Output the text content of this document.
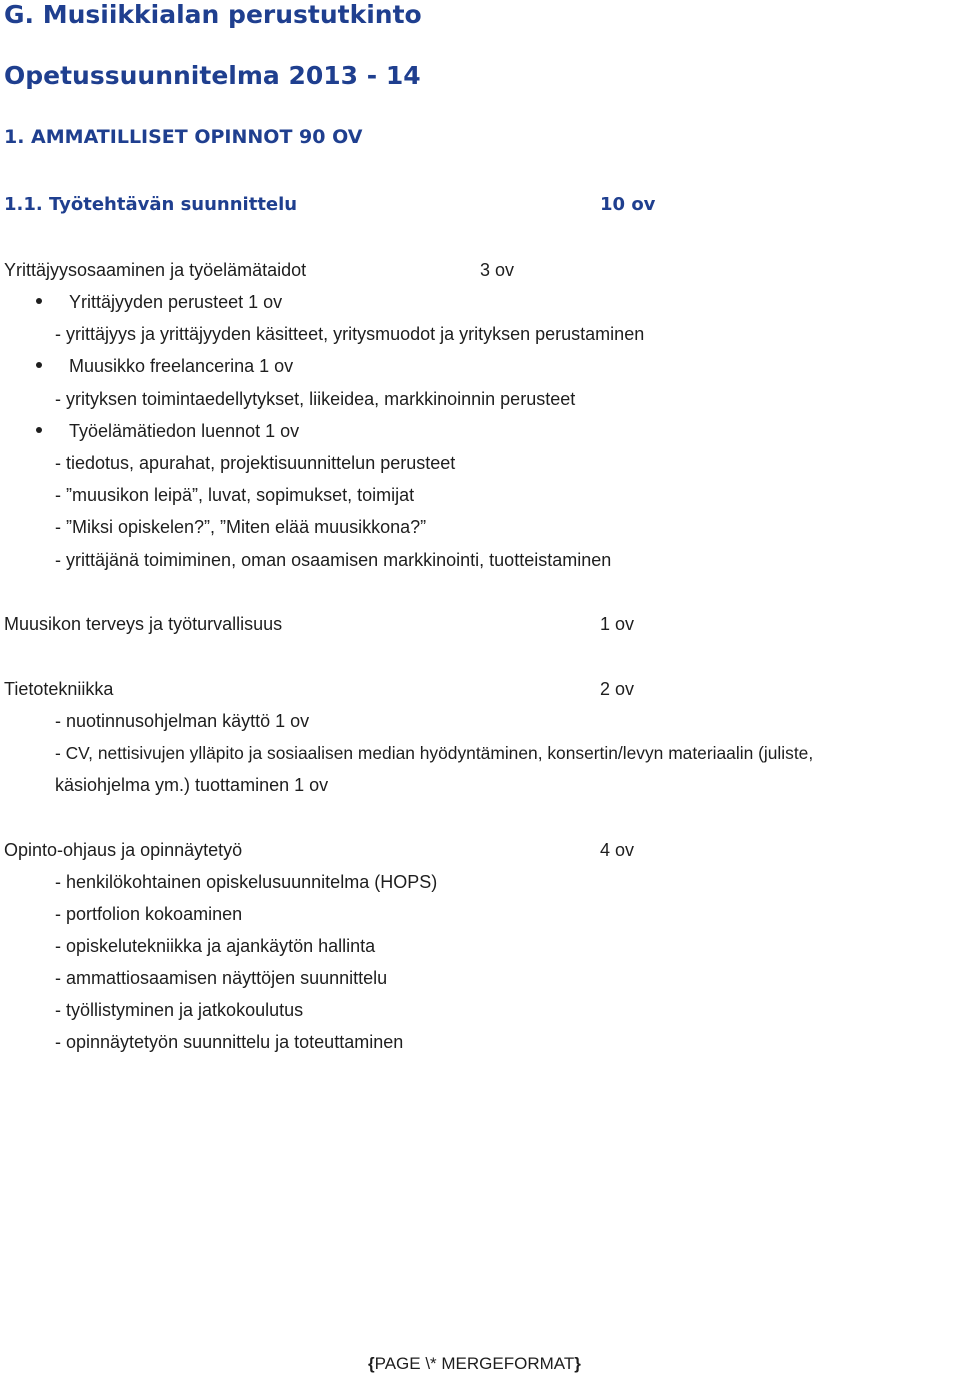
G. Musiikkialan perustutkinto
Opetussuunnitelma 2013 - 14
1. AMMATILLISET OPINNOT 90 OV
1.1. Työtehtävän suunnittelu	10 ov
Yrittäjyysosaaminen ja työelämätaidot	3 ov
Yrittäjyyden perusteet 1 ov
- yrittäjyys ja yrittäjyyden käsitteet, yritysmuodot ja yrityksen perustaminen
Muusikko freelancerina 1 ov
- yrityksen toimintaedellytykset, liikeidea, markkinoinnin perusteet
Työelämätiedon luennot 1 ov
- tiedotus, apurahat, projektisuunnittelun perusteet
- ”muusikon leipä”, luvat, sopimukset, toimijat
- ”Miksi opiskelen?”, ”Miten elää muusikkona?”
- yrittäjänä toimiminen, oman osaamisen markkinointi, tuotteistaminen
Muusikon terveys ja työturvallisuus	1 ov
Tietotekniikka	2 ov
- nuotinnusohjelman käyttö 1 ov
- CV, nettisivujen ylläpito ja sosiaalisen median hyödyntäminen, konsertin/levyn materiaalin (juliste,
käsiohjelma ym.) tuottaminen 1 ov
Opinto-ohjaus ja opinnäytetyö	4 ov
- henkilökohtainen opiskelusuunnitelma (HOPS)
- portfolion kokoaminen
- opiskelutekniikka ja ajankäytön hallinta
- ammattiosaamisen näyttöjen suunnittelu
- työllistyminen ja jatkokoulutus
- opinnäytetyön suunnittelu ja toteuttaminen
{PAGE \* MERGEFORMAT}
